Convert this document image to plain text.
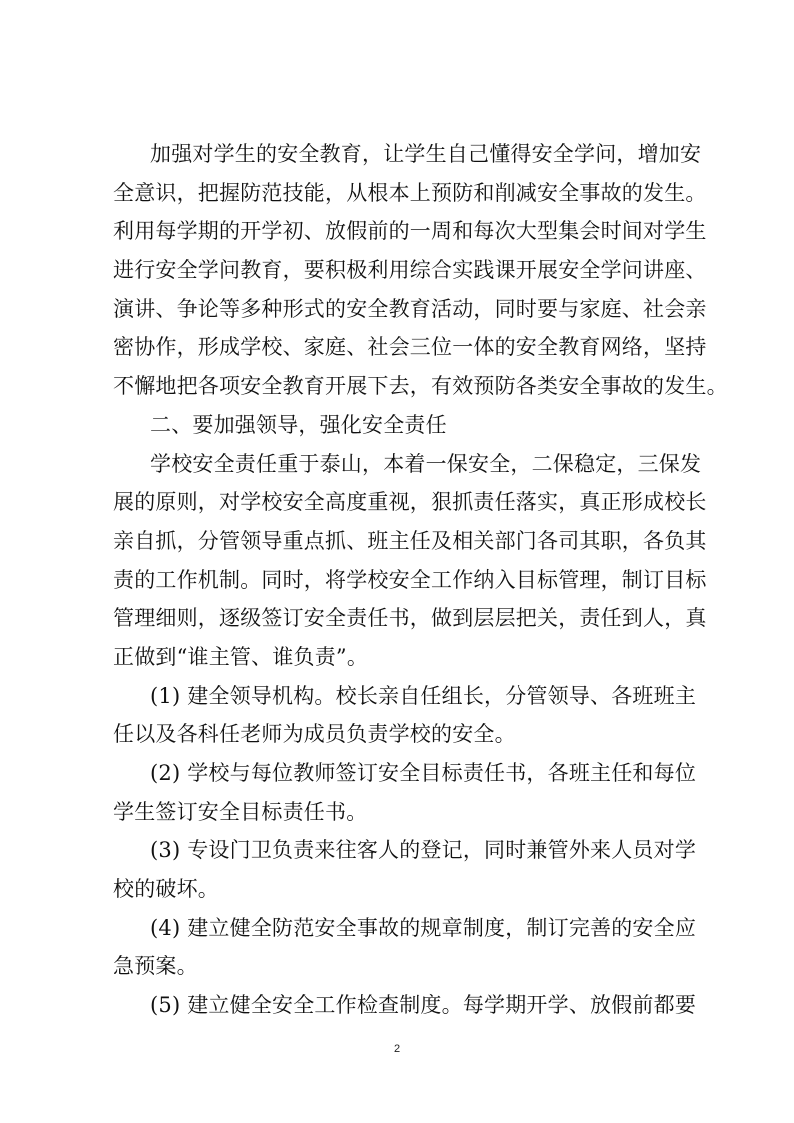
加强对学生的安全教育，让学生自己懂得安全学问，增加安
全意识，把握防范技能，从根本上预防和削减安全事故的发生。
利用每学期的开学初、放假前的一周和每次大型集会时间对学生
进行安全学问教育，要积极利用综合实践课开展安全学问讲座、
演讲、争论等多种形式的安全教育活动，同时要与家庭、社会亲
密协作，形成学校、家庭、社会三位一体的安全教育网络，坚持
不懈地把各项安全教育开展下去，有效预防各类安全事故的发生。
二、要加强领导，强化安全责任
学校安全责任重于泰山，本着一保安全，二保稳定，三保发
展的原则，对学校安全高度重视，狠抓责任落实，真正形成校长
亲自抓，分管领导重点抓、班主任及相关部门各司其职，各负其
责的工作机制。同时，将学校安全工作纳入目标管理，制订目标
管理细则，逐级签订安全责任书，做到层层把关，责任到人，真
正做到“谁主管、谁负责”。
(1) 建全领导机构。校长亲自任组长，分管领导、各班班主
任以及各科任老师为成员负责学校的安全。
(2) 学校与每位教师签订安全目标责任书，各班主任和每位
学生签订安全目标责任书。
(3) 专设门卫负责来往客人的登记，同时兼管外来人员对学
校的破坏。
(4) 建立健全防范安全事故的规章制度，制订完善的安全应
急预案。
(5) 建立健全安全工作检查制度。每学期开学、放假前都要
2
